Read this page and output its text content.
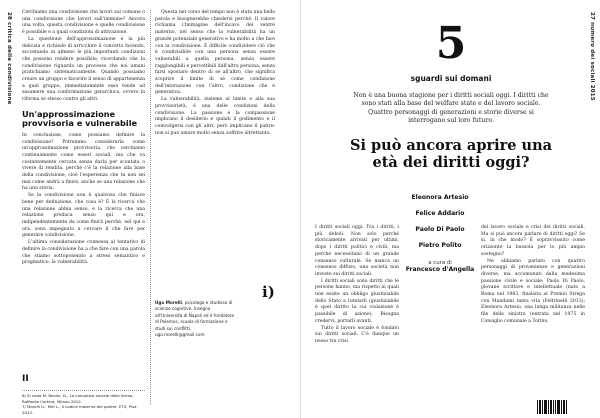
28 critica della condivisione Cerchiamo una condivisione che lavori sul comune o una condivisione che lavori sull'immune? Ancora una volta, questa condivisione e quelle condivisione è possibile e a quali condizioni di attivazione.

La questione dell'approssimazione è la più delicata e richiede di arricchire il concetto facendo, accostando in almeno le più importanti condizioni che possono rendere possibile, ricordando che la condivisione riguarda un processo che noi umani pratichiamo sistematicamente. Quando possiamo creare un gruppo e favorire il senso di appartenenza a quel gruppo, immediatamente esso tende ad assumere una conformazione gerarchica, ovvero la riforma se stesso contro gli altri.

Un'approssimazione provvisoria e vulnerabile

In conclusione, come possiamo definire la condivisione? Potremmo considerarla come un'approssimazione provvisoria, che cerchiamo continuamente come esseri sociali, ma che va costantemente cercata senza darla per scontata o vivere di rendita, perché c'è la relazione alla base della condivisione, cioè l'esperienza che tu non sei mai come andrà a finire, anche se una relazione che ha una storia.

Se la condivisione non è qualcosa che finisce bene per definizione, che cosa è? È la ricerca che una relazione abbia senso, e la ricerca che una relazione produca senso qui e ora, indipendentemente da come finirà perché, nel qui e ora, sono impegnato a cercare il che fare per generare condivisione.

L'ultima considerazione connessa al tentativo di definire la condivisione ha a che fare con una parola che stiamo sottoponendo a stress semantico e pragmatico: la vulnerabilità.

II
8/ Si veda M. Bevini. D., La conquista sociale della forma, Raffaello Cortina, Milano 2012.
7/ Marelli U., Mei L., Il codice materno del potere, ETS, Pisa 2013.

Questa nel corso del tempo non è stata una bella parola e bisognerebbe chiedersi perché. Il valore richiama l'immagine dell'incavo del ventre materno, nel senso che la vulnerabilità ha un grande potenziale generativo e ha molto a che fare con la condivisione. È difficile condividere ciò che è condivisibile con una persona senza essere vulnerabili a quella persona, senza essere raggiungibili e percettibili dall'altra persona, senza farsi spostare dentro di sé all'altro, che significa scoprire il limite di sé come condizione dell'interazione con l'altro, condizione che è generativa.

La vulnerabilità, insieme al limite e alla sua provvisorietà, è una delle condizioni della condivisione. La passione e la compassione implicano il desiderio e quindi il godimento e il coinvolgersi con gli altri, però implicano il patire: non si può amare molto senza soffrire altrettanto.

i)
Ugo Morelli, psicologo e studioso di scienze cognitive. Insegna all'Università di Napoli ed è fondatore di Polemos, scuola di formazione e studi sui conflitti. ugo.morelli@gmail.com
27 numero dei sociali 2015
5
sguardi sui domani
Non è una buona stagione per i diritti sociali oggi. I diritti che sono stati alla base del welfare state e del lavoro sociale. Quattro personaggi di generazioni e storie diverse si interrogano sul loro futuro.
Si può ancora aprire una età dei diritti oggi?

I diritti sociali oggi. Tra i diritti, i più deboli. Non solo perché storicamente arrivati per ultimi, dopo i diritti politici e civili, ma perché necessitano di un grande consenso culturale. Se manca un consenso diffuso, una società non investe sui diritti sociali.

I diritti sociali sono diritti che le persone hanno, ma rispetto ai quali non esiste un obbligo giustiziabile dello Stato a tutelarli (giustiziabile è quel diritto la cui violazione è passibile di azione). Bisogna credervi, portarli avanti.

Tutto il lavoro sociale è fondato sui diritti sociali. C'è dunque un nesso tra crisi

Eleonora Artesio
Felice Addario
Paolo Di Paolo
Pietro Polito
a cura di
Francesco d'Angella

del lavoro sociale e crisi dei diritti sociali. Ma si può ancora parlare di diritti oggi? Se sì, in che modo? È sopravvissuto come orizzonte la bussola per lo più ampio sostegno?

Ne abbiamo parlato con quattro personaggi di provenienze e generazioni diverse, ma accomunati dalla medesima passione civile e sociale: Paolo Di Paolo, giovane scrittore e intellettuale (nato a Roma nel 1983, finalista al Premio Strega con Mandami tanta vita (Feltrinelli 2013); Eleonora Artesio, una lunga militanza nelle file della sinistra (entrata nel 1975 in Consiglio comunale a Torino,
